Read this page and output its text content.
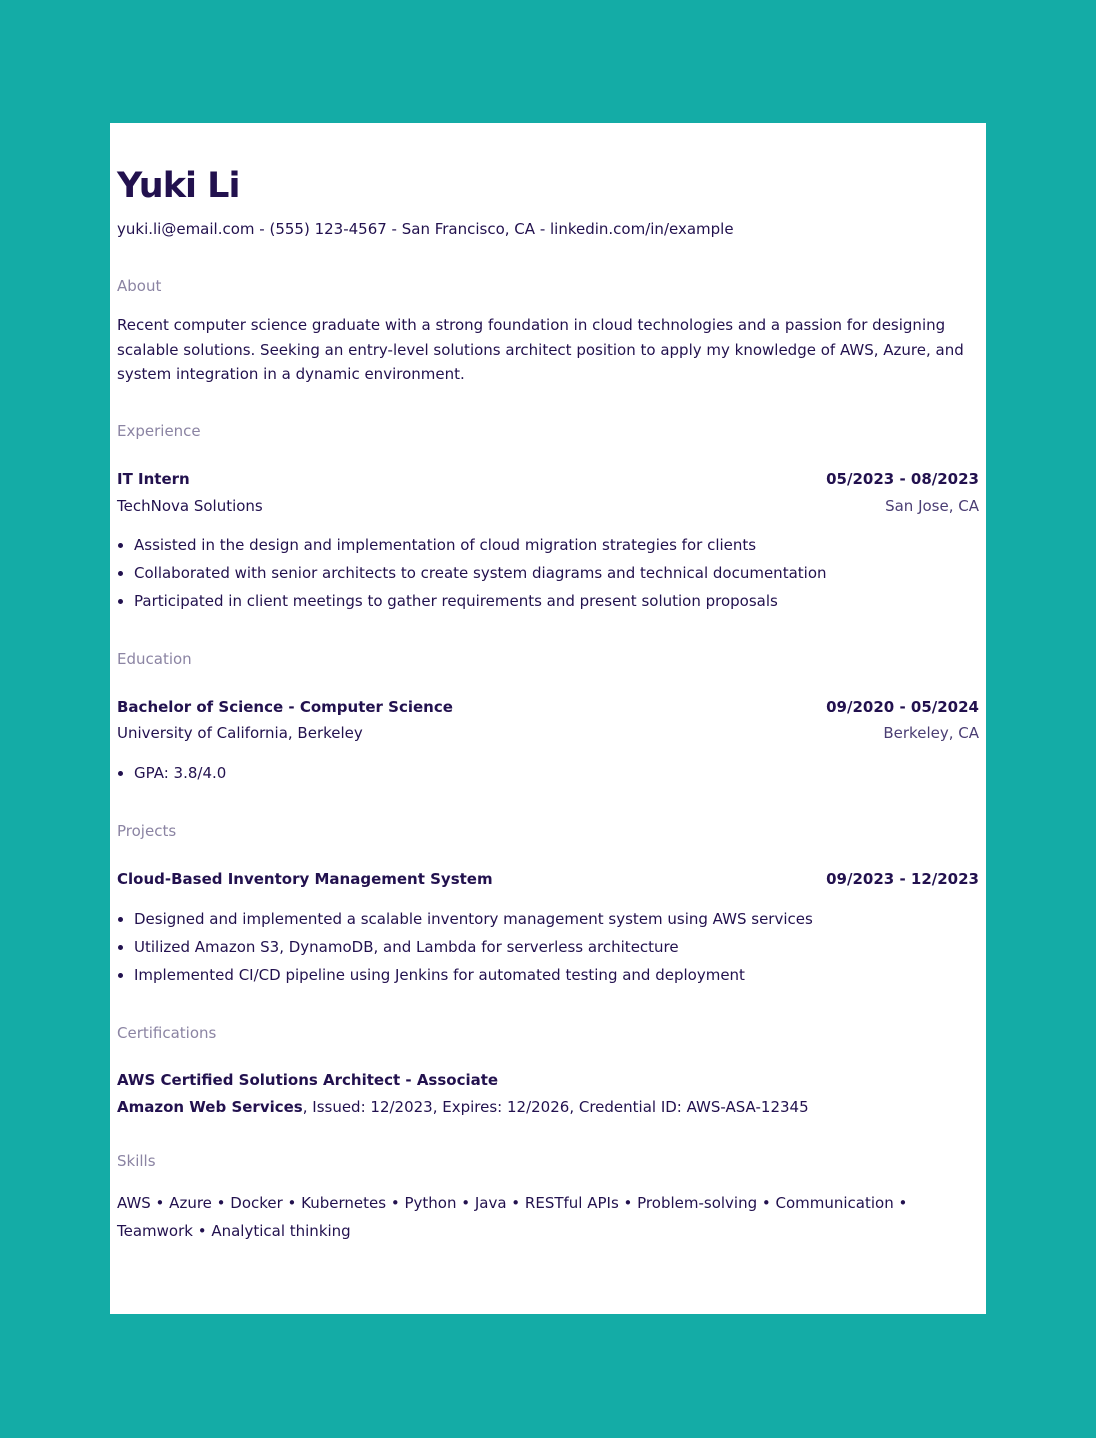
Yuki Li
yuki.li@email.com - (555) 123-4567 - San Francisco, CA - linkedin.com/in/example
About
Recent computer science graduate with a strong foundation in cloud technologies and a passion for designing scalable solutions. Seeking an entry-level solutions architect position to apply my knowledge of AWS, Azure, and system integration in a dynamic environment.
Experience
IT Intern	05/2023 - 08/2023
TechNova Solutions	San Jose, CA
• Assisted in the design and implementation of cloud migration strategies for clients
• Collaborated with senior architects to create system diagrams and technical documentation
• Participated in client meetings to gather requirements and present solution proposals
Education
Bachelor of Science - Computer Science	09/2020 - 05/2024
University of California, Berkeley	Berkeley, CA
• GPA: 3.8/4.0
Projects
Cloud-Based Inventory Management System	09/2023 - 12/2023
• Designed and implemented a scalable inventory management system using AWS services
• Utilized Amazon S3, DynamoDB, and Lambda for serverless architecture
• Implemented CI/CD pipeline using Jenkins for automated testing and deployment
Certifications
AWS Certified Solutions Architect - Associate
Amazon Web Services, Issued: 12/2023, Expires: 12/2026, Credential ID: AWS-ASA-12345
Skills
AWS • Azure • Docker • Kubernetes • Python • Java • RESTful APIs • Problem-solving • Communication •
Teamwork • Analytical thinking
